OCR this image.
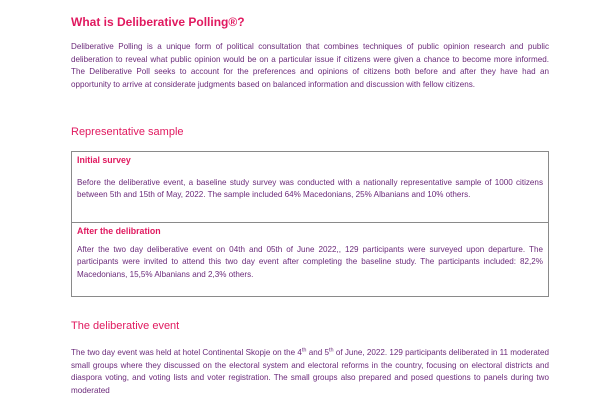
What is Deliberative Polling®?
Deliberative Polling is a unique form of political consultation that combines techniques of public opinion research and public deliberation to reveal what public opinion would be on a particular issue if citizens were given a chance to become more informed. The Deliberative Poll seeks to account for the preferences and opinions of citizens both before and after they have had an opportunity to arrive at considerate judgments based on balanced information and discussion with fellow citizens.
Representative sample
Initial survey
Before the deliberative event, a baseline study survey was conducted with a nationally representative sample of 1000 citizens between 5th and 15th of May, 2022. The sample included 64% Macedonians, 25% Albanians and 10% others.
After the delibration
After the two day deliberative event on 04th and 05th of June 2022,, 129 participants were surveyed upon departure. The participants were invited to attend this two day event after completing the baseline study. The participants included: 82,2% Macedonians, 15,5% Albanians and 2,3% others.
The deliberative event
The two day event was held at hotel Continental Skopje on the 4th and 5th of June, 2022. 129 participants deliberated in 11 moderated small groups where they discussed on the electoral system and electoral reforms in the country, focusing on electoral districts and diaspora voting, and voting lists and voter registration. The small groups also prepared and posed questions to panels during two moderated
